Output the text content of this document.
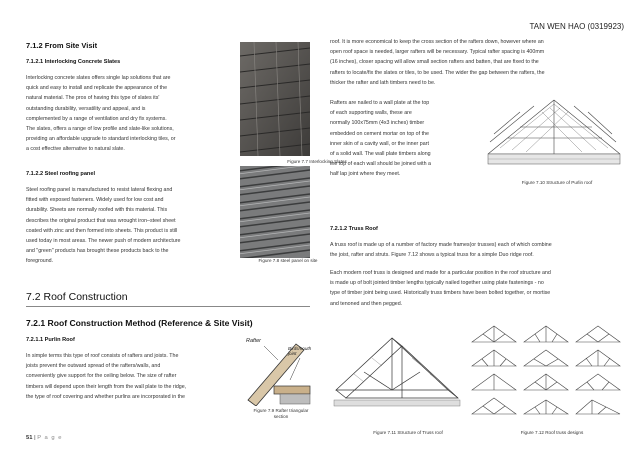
TAN WEN HAO (0319923)
7.1.2 From Site Visit
7.1.2.1 Interlocking Concrete Slates

Interlocking concrete slates offers single lap solutions that are

quick and easy to install and replicate the appearance of the

natural material. The pros of having this type of slates its'

outstanding durability, versatility and appeal, and is

complemented by a range of ventilation and dry fix systems.

The slates, offers a range of low profile and slate-like solutions,

providing an affordable upgrade to standard interlocking tiles, or

a cost effective alternative to natural slate.

Figure 7.7 Interlocking Slates
7.1.2.2 Steel roofing panel

Steel roofing panel is manufactured to resist lateral flexing and

fitted with exposed fasteners. Widely used for low cost and

durability. Sheets are normally roofed with this material. This

describes the original product that was wrought iron–steel sheet

coated with zinc and then formed into sheets. This product is still

used today in most areas. The newer push of modern architecture

and "green" products has brought these products back to the

foreground.	Figure 7.8 steel panel on site
7.2 Roof Construction
7.2.1 Roof Construction Method (Reference & Site Visit)
7.2.1.1 Purlin Roof

In simple terms this type of roof consists of rafters and joists. The

joists prevent the outward spread of the rafters/walls, and

conveniently give support for the ceiling below. The size of rafter

timbers will depend upon their length from the wall plate to the ridge,

the type of roof covering and whether purlins are incorporated in the

Rafter
Birdsmouth joint
Figure 7.9 Rafter triangular
section

roof. It is more economical to keep the cross section of the rafters down, however where an

open roof space is needed, larger rafters will be necessary. Typical rafter spacing is 400mm

(16 inches), closer spacing will allow small section rafters and batten, that are fixed to the

rafters to locate/fix the slates or tiles, to be used. The wider the gap between the rafters, the

thicker the rafter and lath timbers need to be.

Rafters are nailed to a wall plate at the top

of each supporting walls, these are

normally 100x75mm (4x3 inches) timber

embedded on cement mortar on top of the

inner skin of a cavity wall, or the inner part

of a solid wall. The wall plate timbers along

the top of each wall should be joined with a

half lap joint where they meet.

Figure 7.10 Structure of Purlin roof
7.2.1.2 Truss Roof

A truss roof is made up of a number of factory made frames(or trusses) each of which combine

the joist, rafter and struts. Figure 7.12 shows a typical truss for a simple Duo ridge roof.

Each modern roof truss is designed and made for a particular position in the roof structure and

is made up of bolt jointed timber lengths typically nailed together using plate fastenings - no

type of timber joint being used. Historically truss timbers have been bolted together, or mortise

and tenoned and then pegged.

Figure 7.11 Structure of Truss roof	Figure 7.12 Roof truss designs
51 | P a g e
